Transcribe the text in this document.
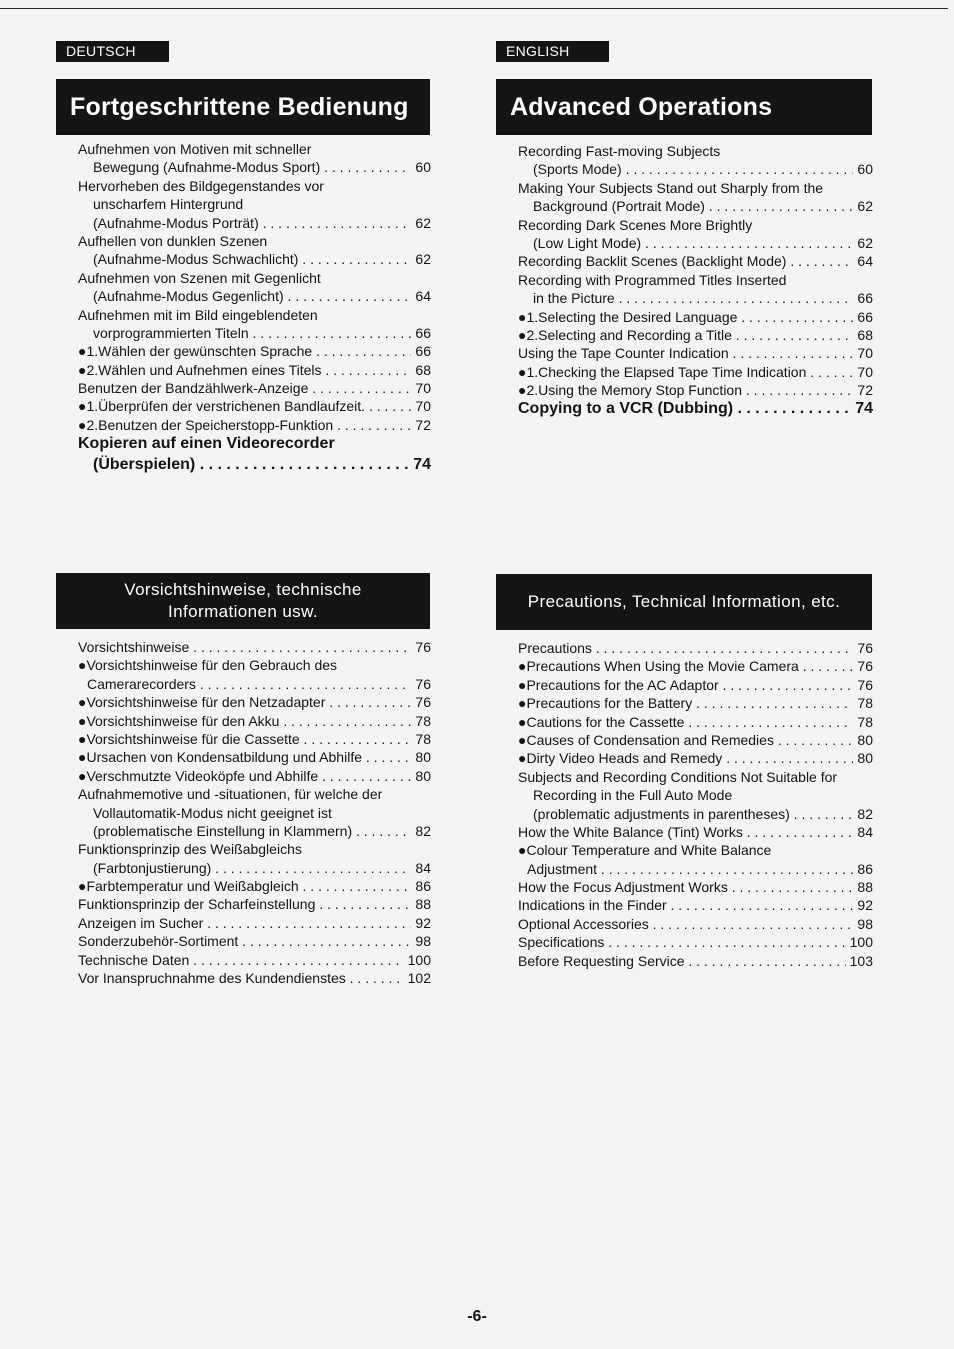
DEUTSCH
Fortgeschrittene Bedienung
Aufnehmen von Motiven mit schneller
Bewegung (Aufnahme-Modus Sport) . . .	60
Hervorheben des Bildgegenstandes vor
unscharfem Hintergrund
(Aufnahme-Modus Porträt) . . .	62
Aufhellen von dunklen Szenen
(Aufnahme-Modus Schwachlicht) . . .	62
Aufnehmen von Szenen mit Gegenlicht
(Aufnahme-Modus Gegenlicht) . . .	64
Aufnehmen mit im Bild eingeblendeten
vorprogrammierten Titeln . . .	66
●1.Wählen der gewünschten Sprache . . .	66
●2.Wählen und Aufnehmen eines Titels . . .	68
Benutzen der Bandzählwerk-Anzeige . . .	70
●1.Überprüfen der verstrichenen Bandlaufzeit. . . .	70
●2.Benutzen der Speicherstopp-Funktion . . .	72
Kopieren auf einen Videorecorder
(Überspielen) . . .	74
Vorsichtshinweise, technische
Informationen usw.
Vorsichtshinweise . . .	76
●Vorsichtshinweise für den Gebrauch des
Camerarecorders . . .	76
●Vorsichtshinweise für den Netzadapter . . .	76
●Vorsichtshinweise für den Akku . . .	78
●Vorsichtshinweise für die Cassette . . .	78
●Ursachen von Kondensatbildung und Abhilfe . . .	80
●Verschmutzte Videoköpfe und Abhilfe . . .	80
Aufnahmemotive und -situationen, für welche der
Vollautomatik-Modus nicht geeignet ist
(problematische Einstellung in Klammern) . . .	82
Funktionsprinzip des Weißabgleichs
(Farbtonjustierung) . . .	84
●Farbtemperatur und Weißabgleich . . .	86
Funktionsprinzip der Scharfeinstellung . . .	88
Anzeigen im Sucher . . .	92
Sonderzubehör-Sortiment . . .	98
Technische Daten . . .	100
Vor Inanspruchnahme des Kundendienstes . . .	102
ENGLISH
Advanced Operations
Recording Fast-moving Subjects
(Sports Mode) . . .	60
Making Your Subjects Stand out Sharply from the
Background (Portrait Mode) . . .	62
Recording Dark Scenes More Brightly
(Low Light Mode) . . .	62
Recording Backlit Scenes (Backlight Mode) . . .	64
Recording with Programmed Titles Inserted
in the Picture . . .	66
●1.Selecting the Desired Language . . .	66
●2.Selecting and Recording a Title . . .	68
Using the Tape Counter Indication . . .	70
●1.Checking the Elapsed Tape Time Indication . . .	70
●2.Using the Memory Stop Function . . .	72
Copying to a VCR (Dubbing) . . .	74
Precautions, Technical Information, etc.
Precautions . . .	76
●Precautions When Using the Movie Camera . . .	76
●Precautions for the AC Adaptor . . .	76
●Precautions for the Battery . . .	78
●Cautions for the Cassette . . .	78
●Causes of Condensation and Remedies . . .	80
●Dirty Video Heads and Remedy . . .	80
Subjects and Recording Conditions Not Suitable for
Recording in the Full Auto Mode
(problematic adjustments in parentheses) . . .	82
How the White Balance (Tint) Works . . .	84
●Colour Temperature and White Balance
Adjustment . . .	86
How the Focus Adjustment Works . . .	88
Indications in the Finder . . .	92
Optional Accessories . . .	98
Specifications . . .	100
Before Requesting Service . . .	103
-6-
